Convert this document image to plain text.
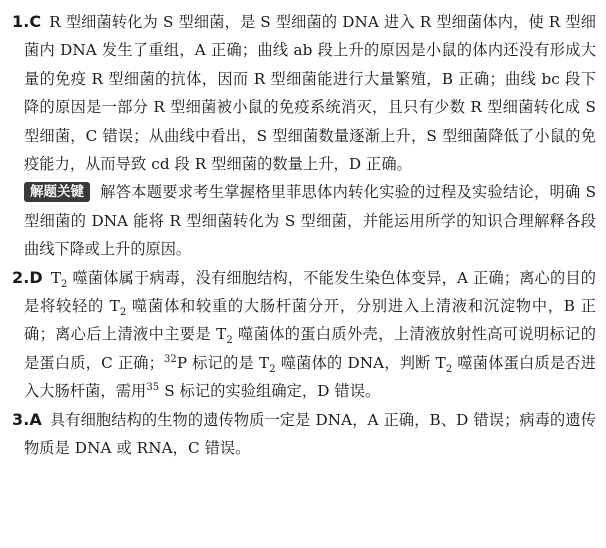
1.C R 型细菌转化为 S 型细菌，是 S 型细菌的 DNA 进入 R 型细菌体内，使 R 型细菌内 DNA 发生了重组，A 正确；曲线 ab 段上升的原因是小鼠的体内还没有形成大量的免疫 R 型细菌的抗体，因而 R 型细菌能进行大量繁殖，B 正确；曲线 bc 段下降的原因是一部分 R 型细菌被小鼠的免疫系统消灭，且只有少数 R 型细菌转化成 S 型细菌，C 错误；从曲线中看出，S 型细菌数量逐渐上升，S 型细菌降低了小鼠的免疫能力，从而导致 cd 段 R 型细菌的数量上升，D 正确。
解题关键 解答本题要求考生掌握格里菲思体内转化实验的过程及实验结论，明确 S 型细菌的 DNA 能将 R 型细菌转化为 S 型细菌，并能运用所学的知识合理解释各段曲线下降或上升的原因。
2.D $T_2$ 噬菌体属于病毒，没有细胞结构，不能发生染色体变异，A 正确；离心的目的是将较轻的 $T_2$ 噬菌体和较重的大肠杆菌分开，分别进入上清液和沉淀物中，B 正确；离心后上清液中主要是 $T_2$ 噬菌体的蛋白质外壳，上清液放射性高可说明标记的是蛋白质，C 正确；$^{32}$P 标记的是 $T_2$ 噬菌体的 DNA，判断 $T_2$ 噬菌体蛋白质是否进入大肠杆菌，需用$^{35}$ S 标记的实验组确定，D 错误。
3.A 具有细胞结构的生物的遗传物质一定是 DNA，A 正确，B、D 错误；病毒的遗传物质是 DNA 或 RNA，C 错误。
